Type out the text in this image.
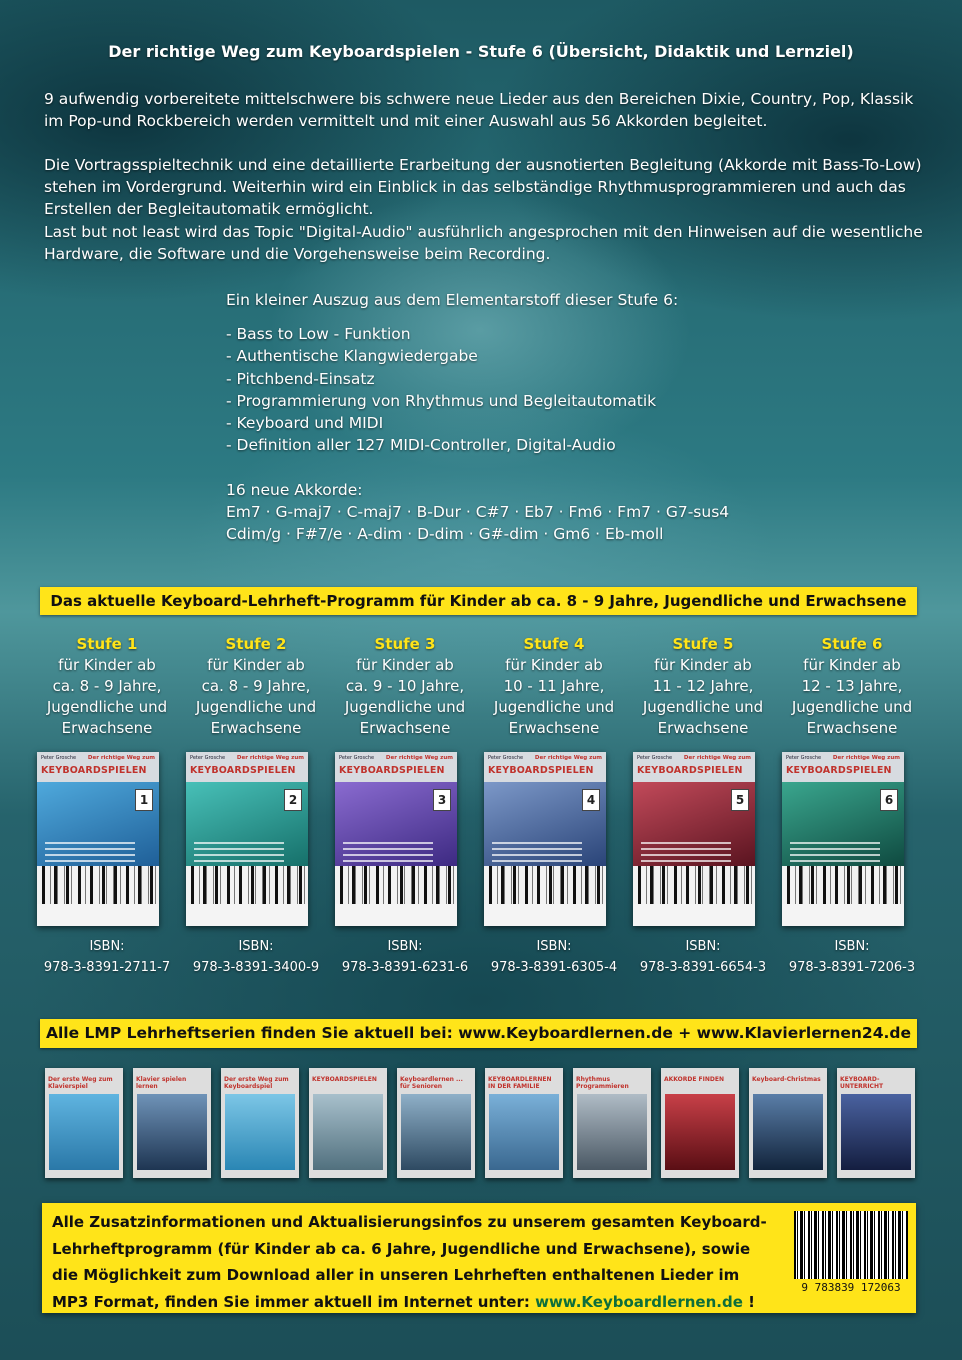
Der richtige Weg zum Keyboardspielen - Stufe 6 (Übersicht, Didaktik und Lernziel)
9 aufwendig vorbereitete mittelschwere bis schwere neue Lieder aus den Bereichen Dixie, Country, Pop, Klassik im Pop-und Rockbereich werden vermittelt und mit einer Auswahl aus 56 Akkorden begleitet.
Die Vortragsspieltechnik und eine detaillierte Erarbeitung der ausnotierten Begleitung (Akkorde mit Bass-To-Low) stehen im Vordergrund. Weiterhin wird ein Einblick in das selbständige Rhythmusprogrammieren und auch das Erstellen der Begleitautomatik ermöglicht.
Last but not least wird das Topic "Digital-Audio" ausführlich angesprochen mit den Hinweisen auf die wesentliche Hardware, die Software und die Vorgehensweise beim Recording.
Ein kleiner Auszug aus dem Elementarstoff dieser Stufe 6:
- Bass to Low - Funktion
- Authentische Klangwiedergabe
- Pitchbend-Einsatz
- Programmierung von Rhythmus und Begleitautomatik
- Keyboard und MIDI
- Definition aller 127 MIDI-Controller, Digital-Audio
16 neue Akkorde:
Em7 · G-maj7 · C-maj7 · B-Dur · C#7 · Eb7 · Fm6 · Fm7 · G7-sus4
Cdim/g · F#7/e · A-dim · D-dim · G#-dim · Gm6 · Eb-moll
Das aktuelle Keyboard-Lehrheft-Programm für Kinder ab ca. 8 - 9 Jahre, Jugendliche und Erwachsene
Stufe 1
für Kinder ab
ca. 8 - 9 Jahre,
Jugendliche und
Erwachsene
Peter Grosche Der richtige Weg zum
KEYBOARDSPIELEN
1
ISBN:
978-3-8391-2711-7
Stufe 2
für Kinder ab
ca. 8 - 9 Jahre,
Jugendliche und
Erwachsene
Peter Grosche Der richtige Weg zum
KEYBOARDSPIELEN
2
ISBN:
978-3-8391-3400-9
Stufe 3
für Kinder ab
ca. 9 - 10 Jahre,
Jugendliche und
Erwachsene
Peter Grosche Der richtige Weg zum
KEYBOARDSPIELEN
3
ISBN:
978-3-8391-6231-6
Stufe 4
für Kinder ab
10 - 11 Jahre,
Jugendliche und
Erwachsene
Peter Grosche Der richtige Weg zum
KEYBOARDSPIELEN
4
ISBN:
978-3-8391-6305-4
Stufe 5
für Kinder ab
11 - 12 Jahre,
Jugendliche und
Erwachsene
Peter Grosche Der richtige Weg zum
KEYBOARDSPIELEN
5
ISBN:
978-3-8391-6654-3
Stufe 6
für Kinder ab
12 - 13 Jahre,
Jugendliche und
Erwachsene
Peter Grosche Der richtige Weg zum
KEYBOARDSPIELEN
6
ISBN:
978-3-8391-7206-3
Alle LMP Lehrheftserien finden Sie aktuell bei: www.Keyboardlernen.de + www.Klavierlernen24.de
Der erste Weg zum Klavierspiel
Klavier spielen lernen
Der erste Weg zum Keyboardspiel
KEYBOARDSPIELEN	Keyboardlernen ... für Senioren
KEYBOARDLERNEN IN DER FAMILIE
Rhythmus Programmieren
AKKORDE FINDEN	Keyboard-Christmas	KEYBOARD-UNTERRICHT
Alle Zusatzinformationen und Aktualisierungsinfos zu unserem gesamten Keyboard-
Lehrheftprogramm (für Kinder ab ca. 6 Jahre, Jugendliche und Erwachsene), sowie
die Möglichkeit zum Download aller in unseren Lehrheften enthaltenen Lieder im
MP3 Format, finden Sie immer aktuell im Internet unter: www.Keyboardlernen.de !
9 783839 172063
